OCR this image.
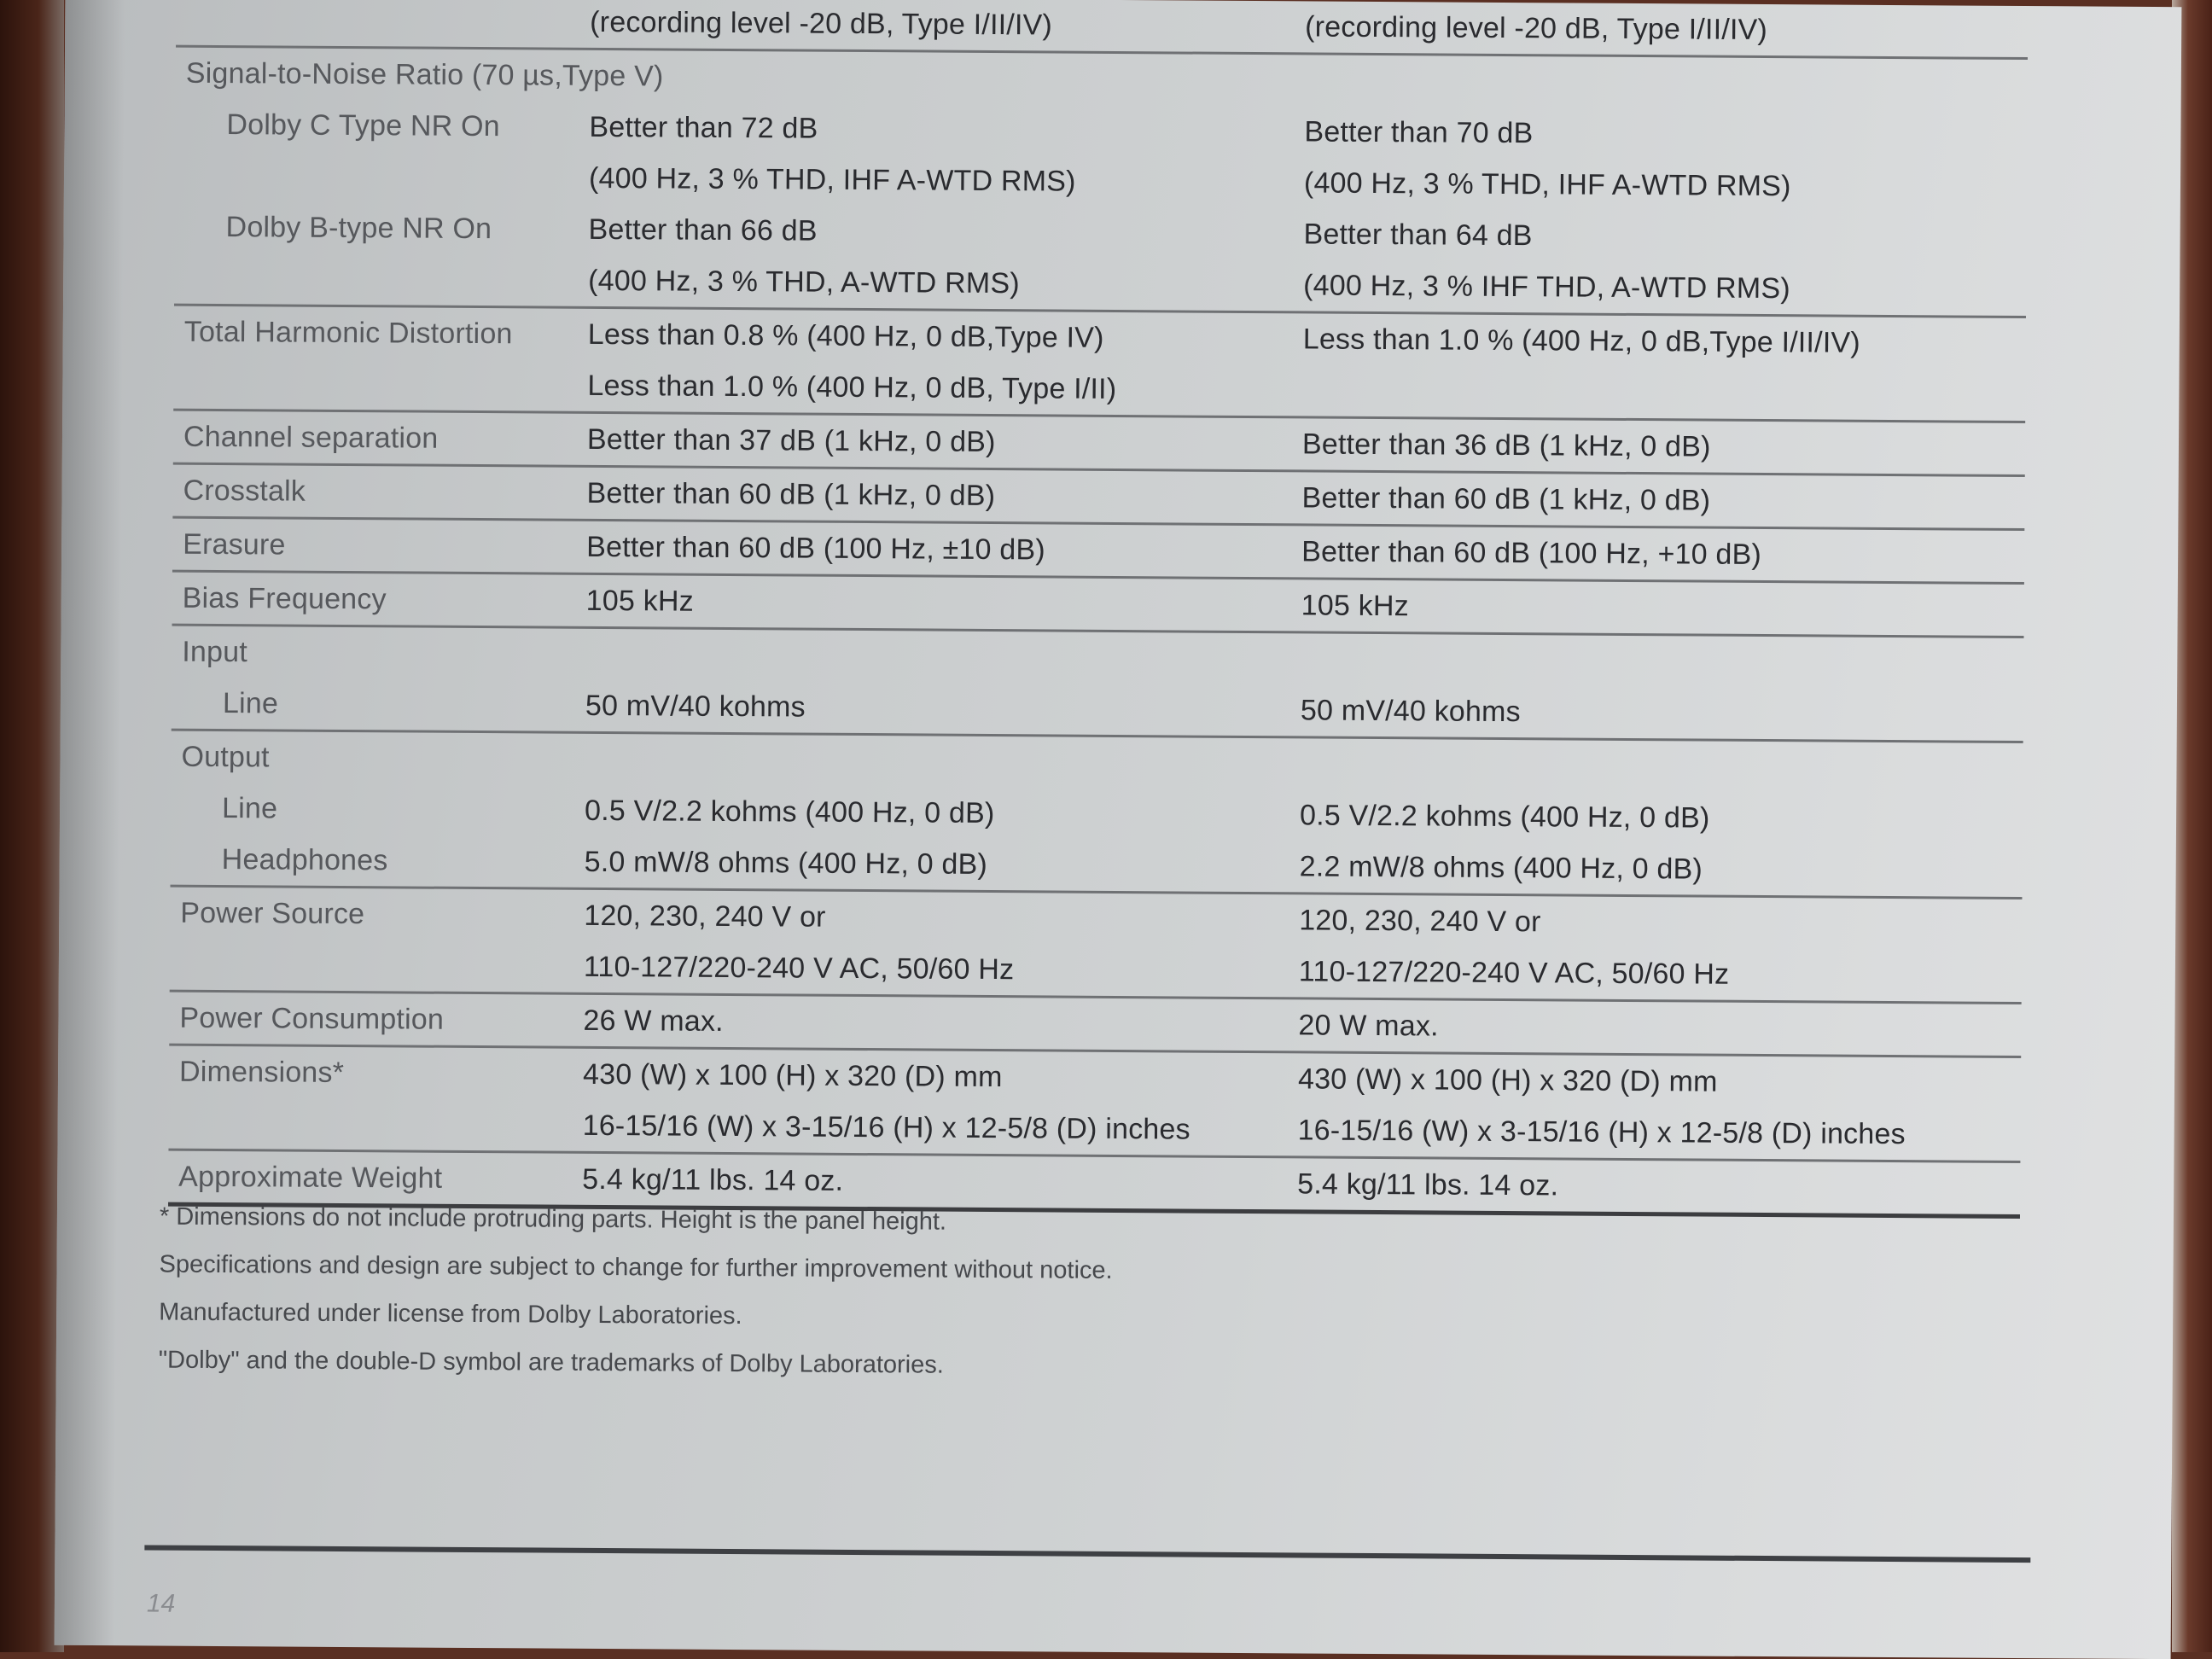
(recording level -20 dB, Type I/II/IV)	(recording level -20 dB, Type I/II/IV)
Signal-to-Noise Ratio (70 µs,Type V)
Dolby C Type NR On	Better than 72 dB	Better than 70 dB
(400 Hz, 3 % THD, IHF A-WTD RMS)	(400 Hz, 3 % THD, IHF A-WTD RMS)
Dolby B-type NR On	Better than 66 dB	Better than 64 dB
(400 Hz, 3 % THD, A-WTD RMS)	(400 Hz, 3 % IHF THD, A-WTD RMS)
Total Harmonic Distortion	Less than 0.8 % (400 Hz, 0 dB,Type IV)	Less than 1.0 % (400 Hz, 0 dB,Type I/II/IV)
Less than 1.0 % (400 Hz, 0 dB, Type I/II)
Channel separation	Better than 37 dB (1 kHz, 0 dB)	Better than 36 dB (1 kHz, 0 dB)
Crosstalk	Better than 60 dB (1 kHz, 0 dB)	Better than 60 dB (1 kHz, 0 dB)
Erasure	Better than 60 dB (100 Hz, ±10 dB)	Better than 60 dB (100 Hz, +10 dB)
Bias Frequency	105 kHz	105 kHz
Input
Line	50 mV/40 kohms	50 mV/40 kohms
Output
Line	0.5 V/2.2 kohms (400 Hz, 0 dB)	0.5 V/2.2 kohms (400 Hz, 0 dB)
Headphones	5.0 mW/8 ohms (400 Hz, 0 dB)	2.2 mW/8 ohms (400 Hz, 0 dB)
Power Source	120, 230, 240 V or	120, 230, 240 V or
110-127/220-240 V AC, 50/60 Hz	110-127/220-240 V AC, 50/60 Hz
Power Consumption	26 W max.	20 W max.
Dimensions*	430 (W) x 100 (H) x 320 (D) mm	430 (W) x 100 (H) x 320 (D) mm
16-15/16 (W) x 3-15/16 (H) x 12-5/8 (D) inches	16-15/16 (W) x 3-15/16 (H) x 12-5/8 (D) inches
Approximate Weight	5.4 kg/11 lbs. 14 oz.	5.4 kg/11 lbs. 14 oz.
* Dimensions do not include protruding parts. Height is the panel height.
Specifications and design are subject to change for further improvement without notice.
Manufactured under license from Dolby Laboratories.
"Dolby" and the double-D symbol are trademarks of Dolby Laboratories.
14
